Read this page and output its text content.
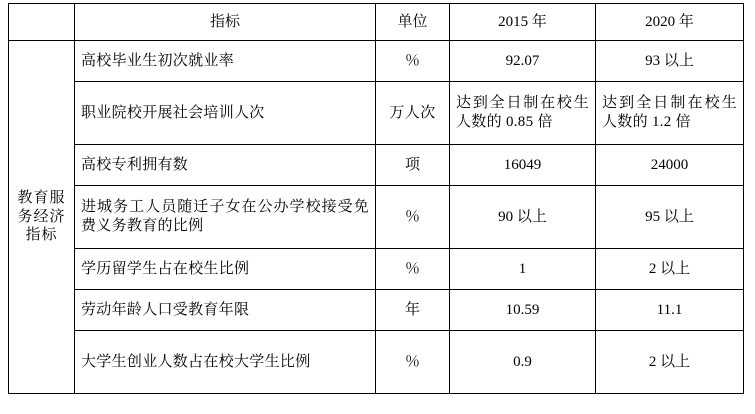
	指标	单位	2015 年	2020 年
教育服务经济指标	高校毕业生初次就业率	％	92.07	93 以上
	职业院校开展社会培训人次	万人次	达到全日制在校生人数的 0.85 倍	达到全日制在校生人数的 1.2 倍
	高校专利拥有数	项	16049	24000
	进城务工人员随迁子女在公办学校接受免费义务教育的比例	％	90 以上	95 以上
	学历留学生占在校生比例	％	1	2 以上
	劳动年龄人口受教育年限	年	10.59	11.1
	大学生创业人数占在校大学生比例	％	0.9	2 以上
